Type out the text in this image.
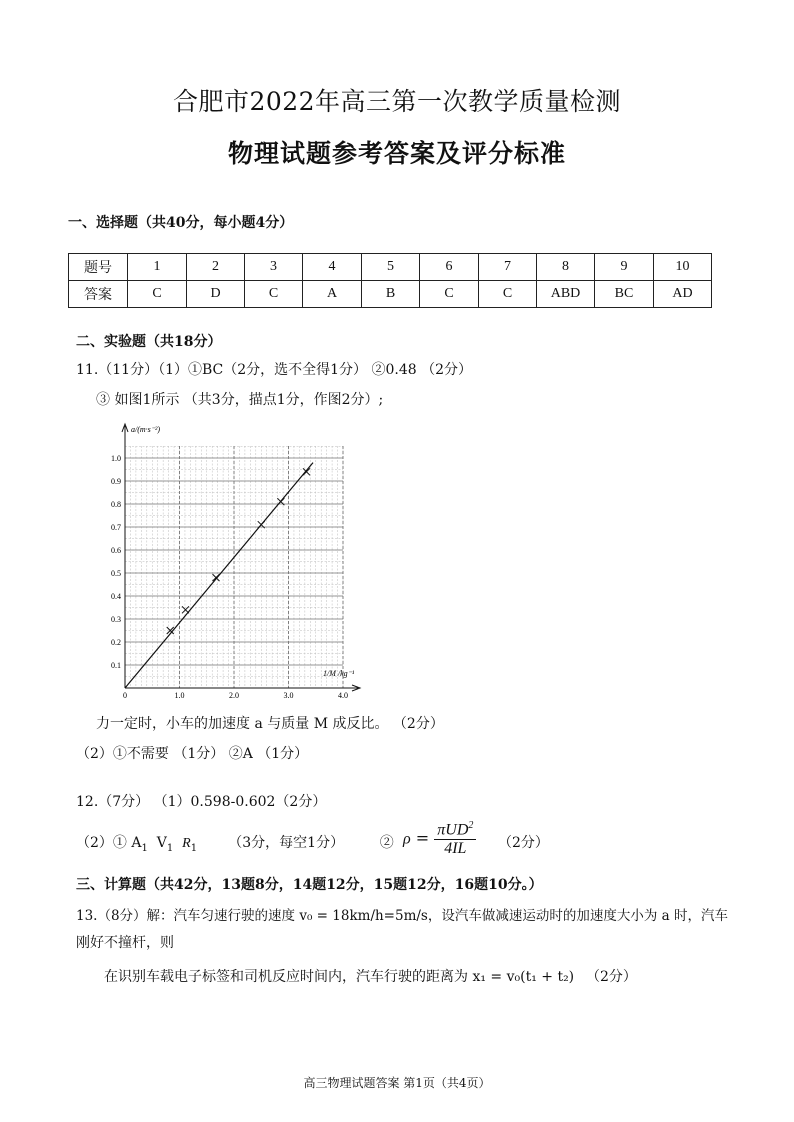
合肥市2022年高三第一次教学质量检测
物理试题参考答案及评分标准
一、选择题（共40分，每小题4分）
题号	1	2	3	4	5	6	7	8	9	10
答案	C	D	C	A	B	C	C	ABD	BC	AD
二、实验题（共18分）
11.（11分）（1）①BC（2分，选不全得1分） ②0.48 （2分）
③ 如图1所示 （共3分，描点1分，作图2分）;
0.1
0.2
0.3
0.4
0.5
0.6
0.7
0.8
0.9
1.0
0	1.0	2.0	3.0	4.0
a/(m·s⁻²)
1/M /kg⁻¹
力一定时，小车的加速度 a 与质量 M 成反比。 （2分）
（2）①不需要 （1分） ②A （1分）
12.（7分） （1）0.598-0.602（2分）
（2）① $A_1$ $V_1$ $R_1$ （3分，每空1分）	② $\rho = \frac{\pi UD^2}{4IL} (2$分）
三、计算题（共42分，13题8分，14题12分，15题12分，16题10分。）
13.（8分）解：汽车匀速行驶的速度 v₀ = 18km/h=5m/s，设汽车做减速运动时的加速度大小为 a 时，汽车
刚好不撞杆，则
在识别车载电子标签和司机反应时间内，汽车行驶的距离为 x₁ = v₀(t₁ + t₂) （2分）
高三物理试题答案 第1页（共4页）
